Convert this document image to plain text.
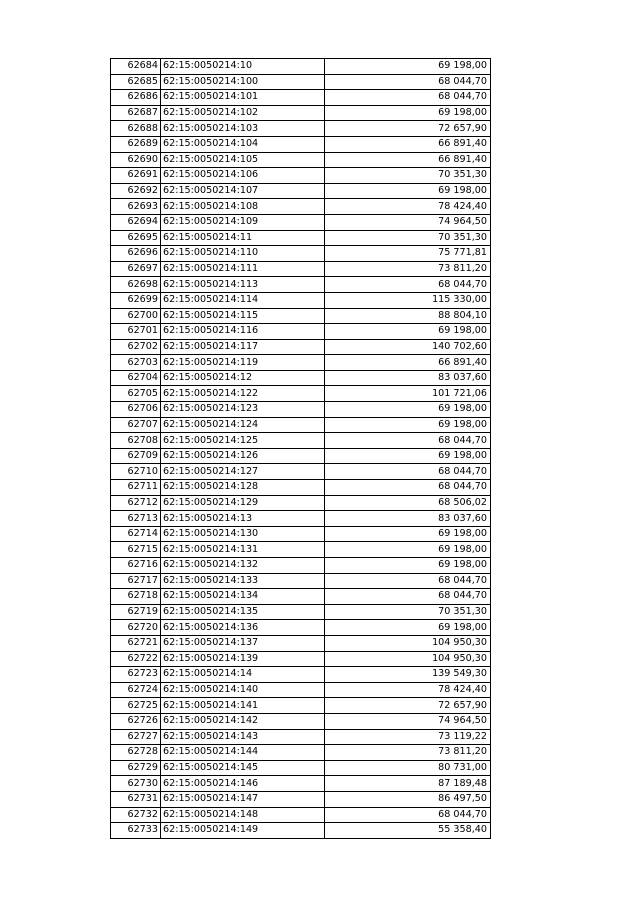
62684	62:15:0050214:10	69 198,00
62685	62:15:0050214:100	68 044,70
62686	62:15:0050214:101	68 044,70
62687	62:15:0050214:102	69 198,00
62688	62:15:0050214:103	72 657,90
62689	62:15:0050214:104	66 891,40
62690	62:15:0050214:105	66 891,40
62691	62:15:0050214:106	70 351,30
62692	62:15:0050214:107	69 198,00
62693	62:15:0050214:108	78 424,40
62694	62:15:0050214:109	74 964,50
62695	62:15:0050214:11	70 351,30
62696	62:15:0050214:110	75 771,81
62697	62:15:0050214:111	73 811,20
62698	62:15:0050214:113	68 044,70
62699	62:15:0050214:114	115 330,00
62700	62:15:0050214:115	88 804,10
62701	62:15:0050214:116	69 198,00
62702	62:15:0050214:117	140 702,60
62703	62:15:0050214:119	66 891,40
62704	62:15:0050214:12	83 037,60
62705	62:15:0050214:122	101 721,06
62706	62:15:0050214:123	69 198,00
62707	62:15:0050214:124	69 198,00
62708	62:15:0050214:125	68 044,70
62709	62:15:0050214:126	69 198,00
62710	62:15:0050214:127	68 044,70
62711	62:15:0050214:128	68 044,70
62712	62:15:0050214:129	68 506,02
62713	62:15:0050214:13	83 037,60
62714	62:15:0050214:130	69 198,00
62715	62:15:0050214:131	69 198,00
62716	62:15:0050214:132	69 198,00
62717	62:15:0050214:133	68 044,70
62718	62:15:0050214:134	68 044,70
62719	62:15:0050214:135	70 351,30
62720	62:15:0050214:136	69 198,00
62721	62:15:0050214:137	104 950,30
62722	62:15:0050214:139	104 950,30
62723	62:15:0050214:14	139 549,30
62724	62:15:0050214:140	78 424,40
62725	62:15:0050214:141	72 657,90
62726	62:15:0050214:142	74 964,50
62727	62:15:0050214:143	73 119,22
62728	62:15:0050214:144	73 811,20
62729	62:15:0050214:145	80 731,00
62730	62:15:0050214:146	87 189,48
62731	62:15:0050214:147	86 497,50
62732	62:15:0050214:148	68 044,70
62733	62:15:0050214:149	55 358,40
